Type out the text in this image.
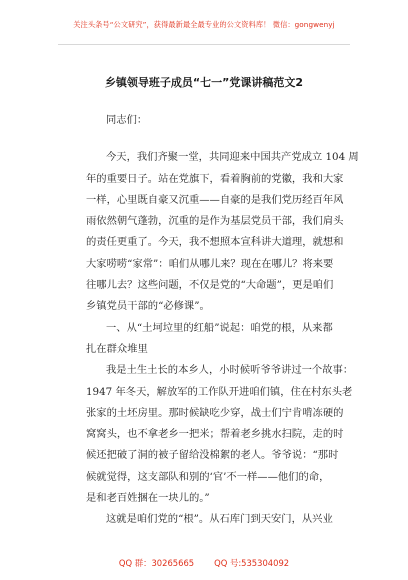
关注头条号“公文研究”，获得最新最全最专业的公文资料库！ 微信：gongwenyj
乡镇领导班子成员“七一”党课讲稿范文2
同志们：
今天，我们齐聚一堂，共同迎来中国共产党成立 104 周
年的重要日子。站在党旗下，看着胸前的党徽，我和大家
一样，心里既自豪又沉重——自豪的是我们党历经百年风
雨依然朝气蓬勃，沉重的是作为基层党员干部，我们肩头
的责任更重了。今天，我不想照本宣科讲大道理，就想和
大家唠唠“家常”：咱们从哪儿来？现在在哪儿？将来要
往哪儿去？这些问题，不仅是党的“大命题”，更是咱们
乡镇党员干部的“必修课”。
一、从“土坷垃里的红船”说起：咱党的根，从来都
扎在群众堆里
我是土生土长的本乡人，小时候听爷爷讲过一个故事：
1947 年冬天，解放军的工作队开进咱们镇，住在村东头老
张家的土坯房里。那时候缺吃少穿，战士们宁肯啃冻硬的
窝窝头，也不拿老乡一把米；帮着老乡挑水扫院，走的时
候还把破了洞的被子留给没棉絮的老人。爷爷说：“那时
候就觉得，这支部队和别的‘官’不一样——他们的命，
是和老百姓捆在一块儿的。”
这就是咱们党的“根”。从石库门到天安门，从兴业
QQ 群：30265665 QQ 号:535304092
